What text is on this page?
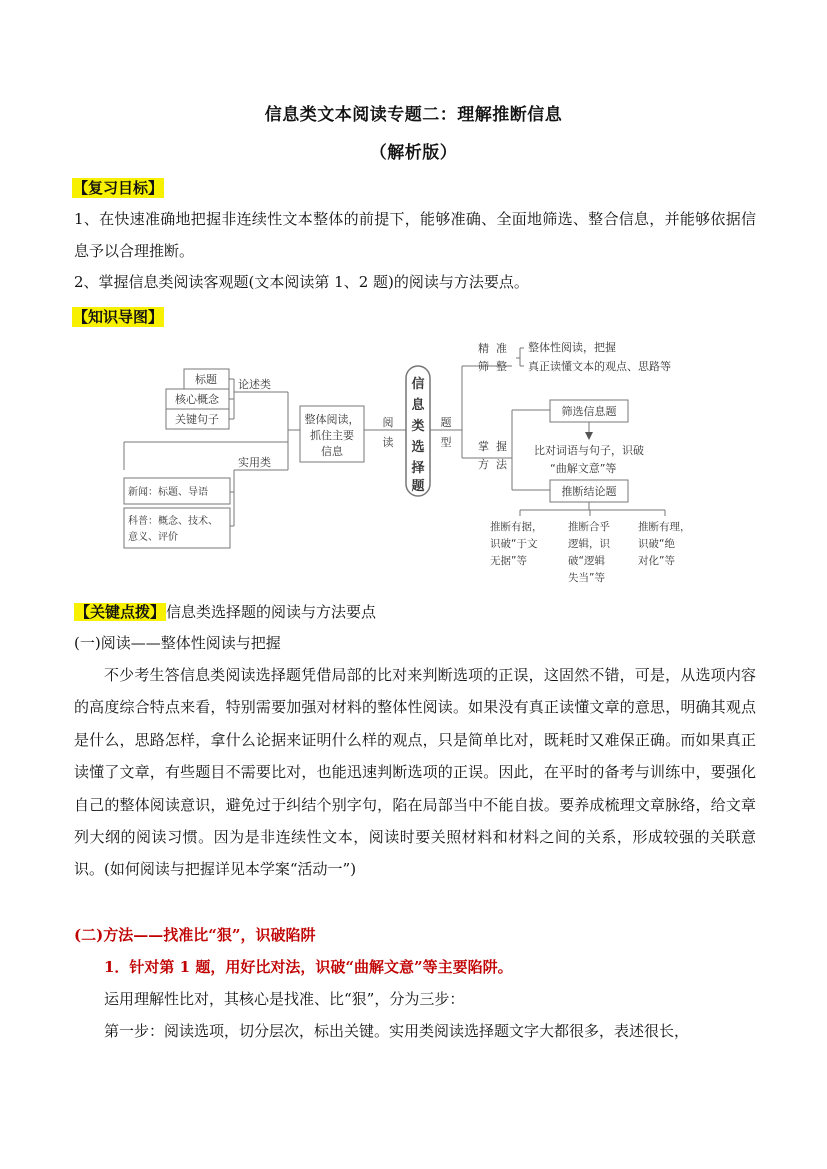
信息类文本阅读专题二：理解推断信息
（解析版）
【复习目标】
1、在快速准确地把握非连续性文本整体的前提下，能够准确、全面地筛选、整合信息，并能够依据信息予以合理推断。
2、掌握信息类阅读客观题(文本阅读第 1、2 题)的阅读与方法要点。
【知识导图】
标题
核心概念
关键句子
论述类
实用类
新闻：标题、导语
科普：概念、技术、
意义、评价
整体阅读，
抓住主要
信息
阅
读
信
息
类
选
择
题
题
型
精 准
筛 整
整体性阅读，把握
真正读懂文本的观点、思路等
掌 握
方 法
筛选信息题
比对词语与句子，识破
“曲解文意”等
推断结论题
推断有据，
识破“于文
无据”等
推断合乎
逻辑，识
破“逻辑
失当”等
推断有理，
识破“绝
对化”等
【关键点拨】信息类选择题的阅读与方法要点
(一)阅读——整体性阅读与把握
不少考生答信息类阅读选择题凭借局部的比对来判断选项的正误，这固然不错，可是，从选项内容的高度综合特点来看，特别需要加强对材料的整体性阅读。如果没有真正读懂文章的意思，明确其观点是什么，思路怎样，拿什么论据来证明什么样的观点，只是简单比对，既耗时又难保正确。而如果真正读懂了文章，有些题目不需要比对，也能迅速判断选项的正误。因此，在平时的备考与训练中，要强化自己的整体阅读意识，避免过于纠结个别字句，陷在局部当中不能自拔。要养成梳理文章脉络，给文章列大纲的阅读习惯。因为是非连续性文本，阅读时要关照材料和材料之间的关系，形成较强的关联意识。(如何阅读与把握详见本学案“活动一”)
(二)方法——找准比“狠”，识破陷阱
1．针对第 1 题，用好比对法，识破“曲解文意”等主要陷阱。
运用理解性比对，其核心是找准、比“狠”，分为三步：
第一步：阅读选项，切分层次，标出关键。实用类阅读选择题文字大都很多，表述很长，
